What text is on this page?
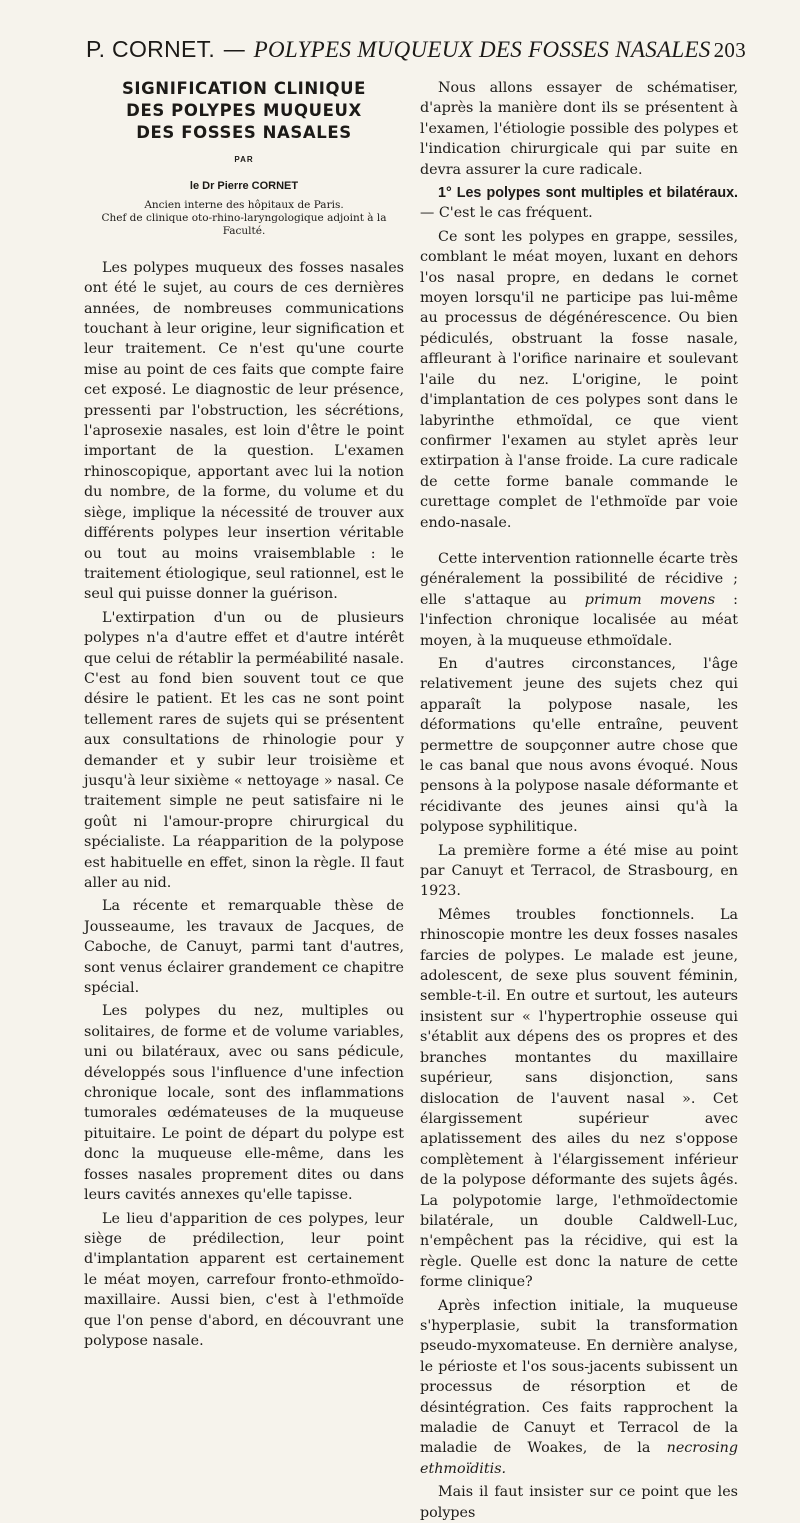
P. CORNET. — POLYPES MUQUEUX DES FOSSES NASALES 203
SIGNIFICATION CLINIQUE
DES POLYPES MUQUEUX
DES FOSSES NASALES
PAR
le Dr Pierre CORNET
Ancien interne des hôpitaux de Paris.
Chef de clinique oto-rhino-laryngologique adjoint à la Faculté.

Les polypes muqueux des fosses nasales ont été le sujet, au cours de ces dernières années, de nombreuses communications touchant à leur origine, leur signification et leur traitement. Ce n'est qu'une courte mise au point de ces faits que compte faire cet exposé. Le diagnostic de leur présence, pressenti par l'obstruction, les sécrétions, l'aprosexie nasales, est loin d'être le point important de la question. L'examen rhinoscopique, apportant avec lui la notion du nombre, de la forme, du volume et du siège, implique la nécessité de trouver aux différents polypes leur insertion véritable ou tout au moins vraisemblable : le traitement étiologique, seul rationnel, est le seul qui puisse donner la guérison.

L'extirpation d'un ou de plusieurs polypes n'a d'autre effet et d'autre intérêt que celui de rétablir la perméabilité nasale. C'est au fond bien souvent tout ce que désire le patient. Et les cas ne sont point tellement rares de sujets qui se présentent aux consultations de rhinologie pour y demander et y subir leur troisième et jusqu'à leur sixième « nettoyage » nasal. Ce traitement simple ne peut satisfaire ni le goût ni l'amour-propre chirurgical du spécialiste. La réapparition de la polypose est habituelle en effet, sinon la règle. Il faut aller au nid.

La récente et remarquable thèse de Jousseaume, les travaux de Jacques, de Caboche, de Canuyt, parmi tant d'autres, sont venus éclairer grandement ce chapitre spécial.

Les polypes du nez, multiples ou solitaires, de forme et de volume variables, uni ou bilatéraux, avec ou sans pédicule, développés sous l'influence d'une infection chronique locale, sont des inflammations tumorales œdémateuses de la muqueuse pituitaire. Le point de départ du polype est donc la muqueuse elle-même, dans les fosses nasales proprement dites ou dans leurs cavités annexes qu'elle tapisse.

Le lieu d'apparition de ces polypes, leur siège de prédilection, leur point d'implantation apparent est certainement le méat moyen, carrefour fronto-ethmoïdo-maxillaire. Aussi bien, c'est à l'ethmoïde que l'on pense d'abord, en découvrant une polypose nasale.

Nous allons essayer de schématiser, d'après la manière dont ils se présentent à l'examen, l'étiologie possible des polypes et l'indication chirurgicale qui par suite en devra assurer la cure radicale.

1° Les polypes sont multiples et bilatéraux. — C'est le cas fréquent.

Ce sont les polypes en grappe, sessiles, comblant le méat moyen, luxant en dehors l'os nasal propre, en dedans le cornet moyen lorsqu'il ne participe pas lui-même au processus de dégénérescence. Ou bien pédiculés, obstruant la fosse nasale, affleurant à l'orifice narinaire et soulevant l'aile du nez. L'origine, le point d'implantation de ces polypes sont dans le labyrinthe ethmoïdal, ce que vient confirmer l'examen au stylet après leur extirpation à l'anse froide. La cure radicale de cette forme banale commande le curettage complet de l'ethmoïde par voie endo-nasale.

Cette intervention rationnelle écarte très généralement la possibilité de récidive ; elle s'attaque au primum movens : l'infection chronique localisée au méat moyen, à la muqueuse ethmoïdale.

En d'autres circonstances, l'âge relativement jeune des sujets chez qui apparaît la polypose nasale, les déformations qu'elle entraîne, peuvent permettre de soupçonner autre chose que le cas banal que nous avons évoqué. Nous pensons à la polypose nasale déformante et récidivante des jeunes ainsi qu'à la polypose syphilitique.

La première forme a été mise au point par Canuyt et Terracol, de Strasbourg, en 1923.

Mêmes troubles fonctionnels. La rhinoscopie montre les deux fosses nasales farcies de polypes. Le malade est jeune, adolescent, de sexe plus souvent féminin, semble-t-il. En outre et surtout, les auteurs insistent sur « l'hypertrophie osseuse qui s'établit aux dépens des os propres et des branches montantes du maxillaire supérieur, sans disjonction, sans dislocation de l'auvent nasal ». Cet élargissement supérieur avec aplatissement des ailes du nez s'oppose complètement à l'élargissement inférieur de la polypose déformante des sujets âgés. La polypotomie large, l'ethmoïdectomie bilatérale, un double Caldwell-Luc, n'empêchent pas la récidive, qui est la règle. Quelle est donc la nature de cette forme clinique?

Après infection initiale, la muqueuse s'hyperplasie, subit la transformation pseudo-myxomateuse. En dernière analyse, le périoste et l'os sous-jacents subissent un processus de résorption et de désintégration. Ces faits rapprochent la maladie de Canuyt et Terracol de la maladie de Woakes, de la necrosing ethmoïditis.

Mais il faut insister sur ce point que les polypes
